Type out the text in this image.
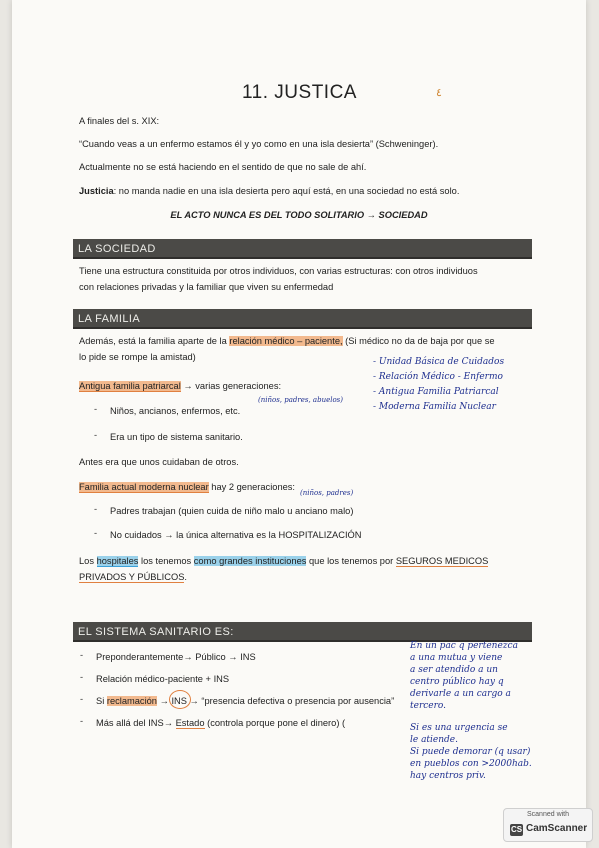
11. JUSTICA	٤
A finales del s. XIX:
“Cuando veas a un enfermo estamos él y yo como en una isla desierta” (Schweninger).
Actualmente no se está haciendo en el sentido de que no sale de ahí.
Justicia: no manda nadie en una isla desierta pero aquí está, en una sociedad no está solo.
EL ACTO NUNCA ES DEL TODO SOLITARIO → SOCIEDAD
LA SOCIEDAD
Tiene una estructura constituida por otros individuos, con varias estructuras: con otros individuos
con relaciones privadas y la familiar que viven su enfermedad
LA FAMILIA
Además, está la familia aparte de la relación médico – paciente, (Si médico no da de baja por que se
lo pide se rompe la amistad)
Antigua familia patriarcal → varias generaciones:
(niños, padres, abuelos)
- Niños, ancianos, enfermos, etc.
- Era un tipo de sistema sanitario.
Antes era que unos cuidaban de otros.
Familia actual moderna nuclear hay 2 generaciones:
(niños, padres)
- Padres trabajan (quien cuida de niño malo u anciano malo)
- No cuidados → la única alternativa es la HOSPITALIZACIÓN
Los hospitales los tenemos como grandes instituciones que los tenemos por SEGUROS MEDICOS
PRIVADOS Y PÚBLICOS.
EL SISTEMA SANITARIO ES:
- Preponderantemente→ Público → INS
- Relación médico-paciente + INS
- Si reclamación → INS → “presencia defectiva o presencia por ausencia”
- Más allá del INS→ Estado (controla porque pone el dinero) (
- Unidad Básica de Cuidados
- Relación Médico - Enfermo
- Antigua Familia Patriarcal
- Moderna Familia Nuclear
En un pac q pertenezca
a una mutua y viene
a ser atendido a un
centro público hay q
derivarle a un cargo a
tercero.
Si es una urgencia se
le atiende.
Si puede demorar (q usar)
en pueblos con >2000hab.
hay centros priv.
Scanned with
CS CamScanner
